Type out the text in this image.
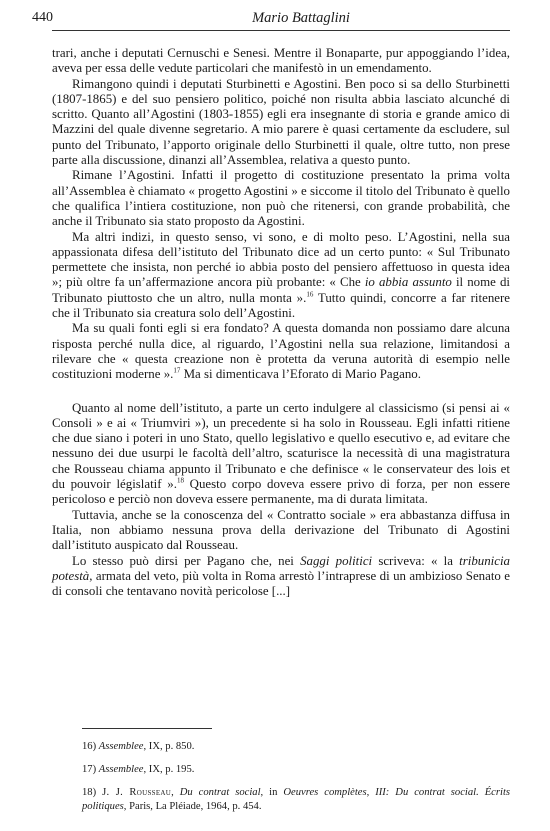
440	Mario Battaglini

trari, anche i deputati Cernuschi e Senesi. Mentre il Bonaparte, pur appoggiando l’idea, aveva per essa delle vedute particolari che manifestò in un emendamento.

Rimangono quindi i deputati Sturbinetti e Agostini. Ben poco si sa dello Sturbinetti (1807-1865) e del suo pensiero politico, poiché non risulta abbia lasciato alcunché di scritto. Quanto all’Agostini (1803-1855) egli era insegnante di storia e grande amico di Mazzini del quale divenne segretario. A mio parere è quasi certamente da escludere, sul punto del Tribunato, l’apporto originale dello Sturbinetti il quale, oltre tutto, non prese parte alla discussione, dinanzi all’Assemblea, relativa a questo punto.

Rimane l’Agostini. Infatti il progetto di costituzione presentato la prima volta all’Assemblea è chiamato « progetto Agostini » e siccome il titolo del Tribunato è quello che qualifica l’intiera costituzione, non può che ritenersi, con grande probabilità, che anche il Tribunato sia stato proposto da Agostini.

Ma altri indizi, in questo senso, vi sono, e di molto peso. L’Agostini, nella sua appassionata difesa dell’istituto del Tribunato dice ad un certo punto: « Sul Tribunato permettete che insista, non perché io abbia posto del pensiero affettuoso in questa idea »; più oltre fa un’affermazione ancora più probante: « Che io abbia assunto il nome di Tribunato piuttosto che un altro, nulla monta ».$^{16}$ Tutto quindi, concorre a far ritenere che il Tribunato sia creatura solo dell’Agostini.

Ma su quali fonti egli si era fondato? A questa domanda non possiamo dare alcuna risposta perché nulla dice, al riguardo, l’Agostini nella sua relazione, limitandosi a rilevare che « questa creazione non è protetta da veruna autorità di esempio nelle costituzioni moderne ».$^{17}$ Ma si dimenticava l’Eforato di Mario Pagano.

Quanto al nome dell’istituto, a parte un certo indulgere al classicismo (si pensi ai « Consoli » e ai « Triumviri »), un precedente si ha solo in Rousseau. Egli infatti ritiene che due siano i poteri in uno Stato, quello legislativo e quello esecutivo e, ad evitare che nessuno dei due usurpi le facoltà dell’altro, scaturisce la necessità di una magistratura che Rousseau chiama appunto il Tribunato e che definisce « le conservateur des lois et du pouvoir législatif ».$^{18}$ Questo corpo doveva essere privo di forza, per non essere pericoloso e perciò non doveva essere permanente, ma di durata limitata.

Tuttavia, anche se la conoscenza del « Contratto sociale » era abbastanza diffusa in Italia, non abbiamo nessuna prova della derivazione del Tribunato di Agostini dall’istituto auspicato dal Rousseau.

Lo stesso può dirsi per Pagano che, nei Saggi politici scriveva: « la tribunicia potestà, armata del veto, più volta in Roma arrestò l’intraprese di un ambizioso Senato e di consoli che tentavano novità pericolose [...]

16) Assemblee, IX, p. 850.
17) Assemblee, IX, p. 195.
18) J. J. Rousseau, Du contrat social, in Oeuvres complètes, III: Du contrat social. Écrits politiques, Paris, La Pléiade, 1964, p. 454.
